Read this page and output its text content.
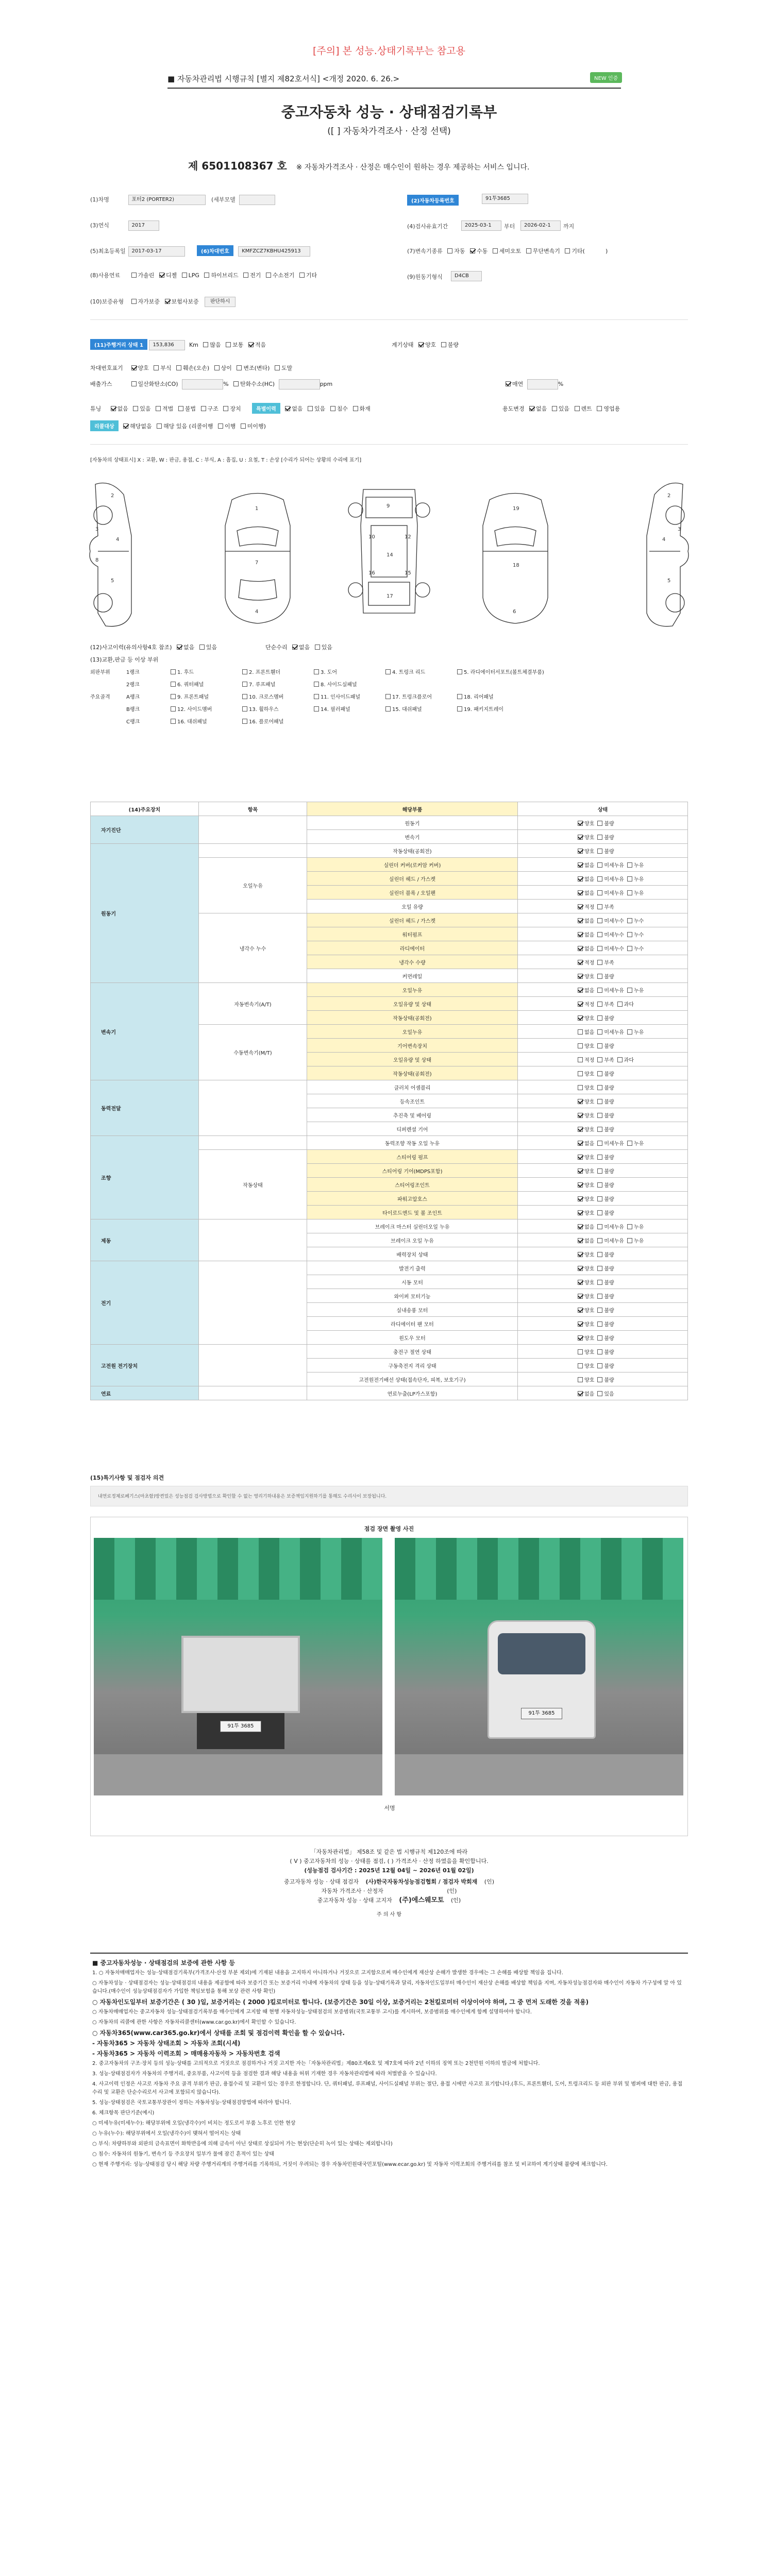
[주의] 본 성능.상태기록부는 참고용
■ 자동차관리법 시행규칙 [별지 제82호서식] <개정 2020. 6. 26.>	NEW 인증
중고자동차 성능 · 상태점검기록부
([ ] 자동차가격조사 · 산정 선택)
제 6501108367 호 ※ 자동차가격조사 · 산정은 매수인이 원하는 경우 제공하는 서비스 입니다.
(1)차명	포터2 (PORTER2)	(세부모델	(2)자동차등록번호	91투3685
(3)연식	2017	(4)검사유효기간	2025-03-1	부터	2026-02-1	까지
(5)최초등록일 2017-03-17	(6)차대번호 KMFZCZ7KBHU425913	(7)변속기종류 자동 수동 세미오토 무단변속기 기타(	)
(8)사용연료	가솔린 디젤 LPG 하이브리드 전기 수소전기 기타	(9)원동기형식	D4CB
(10)보증유형 자가보증 보험사보증 판단하시
(11)주행거리 상태 1 153,836	Km 많음 보통 적음	계기상태 양호 불량
차대번호표기	양호 부식 훼손(오손) 상이 변조(변타) 도말
배출가스	일산화탄소(CO)	% 탄화수소(HC)	ppm	매연	%
튜닝	없음 있음 적법 불법 구조 장치	특별이력	없음 있음 침수 화재	용도변경 없음 있음 렌트 영업용
리콜대상	해당없음 해당 있음 (리콜이행 이행 미이행)
[자동차의 상태표시] X : 교환, W : 판금, 용접, C : 부식, A : 흠집, U : 요철, T : 손상 [수리가 되어는 상황의 수리에 표기]
2
3
4
5
8
1
7
4
9
10	12
14
17
16	15
19
18
6
2
3
4
5
(12)사고이력(유의사항4호 참조) 없음 있음	단순수리 없음 있음
(13)교환,판금 등 이상 부위
외판부위	1랭크	1. 후드	2. 프론트휀더	3. 도어	4. 트렁크 리드	5. 라디에이터서포트(볼트체결부품)
2랭크	6. 쿼터패널	7. 루프패널	8. 사이드실패널
주요골격	A랭크	9. 프론트패널	10. 크로스멤버	11. 인사이드패널	17. 트렁크플로어	18. 리어패널
B랭크	12. 사이드멤버	13. 휠하우스	14. 필러패널	15. 대쉬패널	19. 패키지트레이
C랭크	16. 대쉬패널	16. 플로어패널
(14)주요장치	항목	해당부품	상태
자기진단		원동기	양호 불량
		변속기	양호 불량
원동기		작동상태(공회전)	양호 불량
	오일누유	실린더 커버(로커암 커버)	없음 미세누유 누유
		실린더 헤드 / 가스켓	없음 미세누유 누유
		실린더 블록 / 오일팬	없음 미세누유 누유
		오일 유량	적정 부족
	냉각수 누수	실린더 헤드 / 가스켓	없음 미세누수 누수
		워터펌프	없음 미세누수 누수
		라디에이터	없음 미세누수 누수
		냉각수 수량	적정 부족
		커먼레일	양호 불량
변속기	자동변속기(A/T)	오일누유	없음 미세누유 누유
		오일유량 및 상태	적정 부족 과다
		작동상태(공회전)	양호 불량
	수동변속기(M/T)	오일누유	없음 미세누유 누유
		기어변속장치	양호 불량
		오일유량 및 상태	적정 부족 과다
		작동상태(공회전)	양호 불량
동력전달		클러치 어셈블리	양호 불량
		등속조인트	양호 불량
		추진축 및 베어링	양호 불량
		디퍼렌셜 기어	양호 불량
조향		동력조향 작동 오일 누유	없음 미세누유 누유
	작동상태	스티어링 펌프	양호 불량
		스티어링 기어(MDPS포함)	양호 불량
		스티어링조인트	양호 불량
		파워고압호스	양호 불량
		타이로드엔드 및 볼 조인트	양호 불량
제동		브레이크 마스터 실린더오일 누유	없음 미세누유 누유
		브레이크 오일 누유	없음 미세누유 누유
		배력장치 상태	양호 불량
전기		발전기 출력	양호 불량
		시동 모터	양호 불량
		와이퍼 모터기능	양호 불량
		실내송풍 모터	양호 불량
		라디에이터 팬 모터	양호 불량
		윈도우 모터	양호 불량
고전원 전기장치		충전구 절연 상태	양호 불량
		구동축전지 격리 상태	양호 불량
		고전원전기배선 상태(접속단자, 피복, 보호기구)	양호 불량
연료		연료누출(LP가스포함)	없음 있음
(15)특기사항 및 점검자 의견
내연로정체로폐기스(마초함)방켠밌은 성능점검 검사방법으로 확인할 수 없는 영리기하내용은 보증책임지원하기를 통해도 수리사이 보장됩니다.
점검 장면 촬영 사진
91투 3685
91투 3685
서명
「자동차관리법」 제58조 및 같은 법 시행규칙 제120조에 따라
( V ) 중고자동차의 성능 · 상태를 점검, ( ) 가격조사 · 산정 하였음을 확인합니다.
(성능점검 검사기간 : 2025년 12월 04일 ~ 2026년 01월 02일)
중고자동차 성능 · 상태 점검자 (사)한국자동차성능점검협회 / 점검자 박회재 (인)
자동차 가격조사 · 산정자	(인)
중고자동차 성능 · 상태 고지자 (주)에스웨모토 (인)
주 의 사 항

■ 중고자동차성능 · 상태점검의 보증에 관한 사항 등

1. ○ 자동차매매업자는 성능·상태점검기록부(가격조사·산정 부분 제외)에 기재된 내용을 고지하지 아니하거나 거짓으로 고지함으로써 매수인에게 재산상 손해가 발생한 경우에는 그 손해를 배상할 책임을 집니다.

○ 자동차성능 · 상태점검자는 성능·상태점검의 내용을 제공함에 따라 보증기간 또는 보증거리 이내에 자동차의 상태 등을 성능·상태기록과 달리, 자동차인도일부터 매수인이 재산상 손해를 배상할 책임을 지며, 자동차성능점검자와 매수인이 자동차 가구성에 알 아 있습니다.(매수인이 성능상태점검자가 가입한 책임보험을 통해 보상 관련 사항 확인)

○ 자동차인도일부터 보증기간은 ( 30 )일, 보증거리는 ( 2000 )킬로미터로 합니다. (보증기간은 30일 이상, 보증거리는 2천킬로미터 이상이어야 하며, 그 중 먼저 도래한 것을 적용)

○ 자동차매매업자는 중고자동차 성능·상태점검기록부를 매수인에게 고지할 때 현행 자동차성능·상태점검의 보증범위(국토교통부 고시)를 게시하여, 보증범위를 매수인에게 함께 설명하여야 합니다.

○ 자동차의 리콜에 관한 사항은 자동차리콜센터(www.car.go.kr)에서 확인할 수 있습니다.

○ 자동차365(www.car365.go.kr)에서 상태를 조회 및 점검이력 확인을 할 수 있습니다.

- 자동차365 > 자동차 상태조회 > 자동차 조회(시세)

- 자동차365 > 자동차 이력조회 > 매매용자동차 > 자동차번호 검색

2. 중고자동차의 구조·장치 등의 성능·상태를 고의적으로 거짓으로 점검하거나 거짓 고지한 자는「자동차관리법」제80조제6호 및 제7호에 따라 2년 이하의 징역 또는 2천만원 이하의 벌금에 처합니다.

3. 성능·상태점검자가 자동차의 주행거리, 중요부품, 사고이력 등을 점검한 결과 해당 내용을 허위 기재한 경우 자동차관리법에 따라 처벌받을 수 있습니다.

4. 사고이력 인정은 사고로 자동차 주요 골격 부위가 판금, 용접수리 및 교환이 있는 경우로 한정합니다. 단, 쿼터패널, 루프패널, 사이드실패널 부위는 절단, 용접 시에만 사고로 표기합니다.(후드, 프론트휀더, 도어, 트렁크리드 등 외판 부위 및 범퍼에 대한 판금, 용접수리 및 교환은 단순수리로서 사고에 포함되지 않습니다).

5. 성능·상태점검은 국토교통부장관이 정하는 자동차성능·상태점검방법에 따라야 합니다.

6. 체크항목 판단기준(예시)

○ 미세누유(미세누수): 해당부위에 오일(냉각수)이 비치는 정도로서 부품 노후로 인한 현상

○ 누유(누수): 해당부위에서 오일(냉각수)이 맺혀서 떨어지는 상태

○ 부식: 차량하부와 외판의 금속표면이 화학반응에 의해 금속이 아닌 상태로 상실되어 가는 현상(단순히 녹이 있는 상태는 제외합니다)

○ 침수: 자동차의 원동기, 변속기 등 주요장치 일부가 물에 잠긴 흔적이 있는 상태

○ 현재 주행거리: 성능·상태점검 당시 해당 차량 주행거리계의 주행거리를 기록하되, 거짓이 우려되는 경우 자동차민원대국민포털(www.ecar.go.kr) 및 자동차 이력조회의 주행거리를 참조 및 비교하여 계기상태 불량에 체크합니다.
